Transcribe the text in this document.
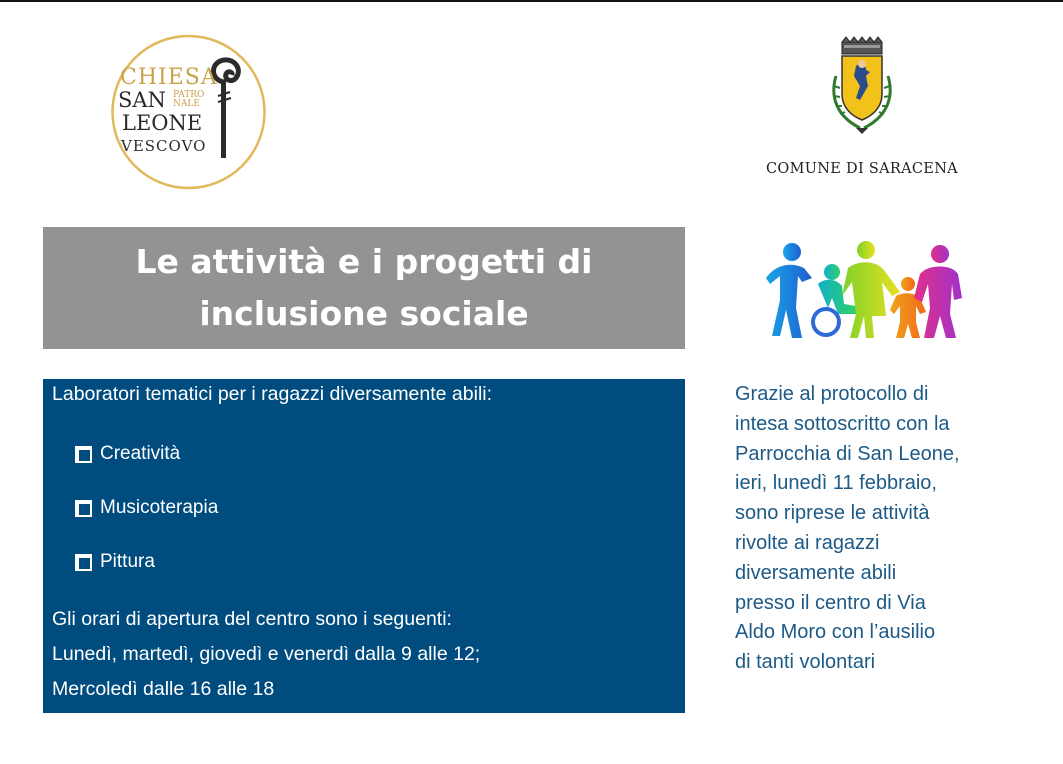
CHIESA
SAN PATRO NALE
LEONE
VESCOVO
COMUNE DI SARACENA
Le attività e i progetti di inclusione sociale
Laboratori tematici per i ragazzi diversamente abili:
Creatività
Musicoterapia
Pittura
Gli orari di apertura del centro sono i seguenti:
Lunedì, martedì, giovedì e venerdì dalla 9 alle 12;
Mercoledì dalle 16 alle 18
Grazie al protocollo di
intesa sottoscritto con la
Parrocchia di San Leone,
ieri, lunedì 11 febbraio,
sono riprese le attività
rivolte ai ragazzi
diversamente abili
presso il centro di Via
Aldo Moro con l’ausilio
di tanti volontari
